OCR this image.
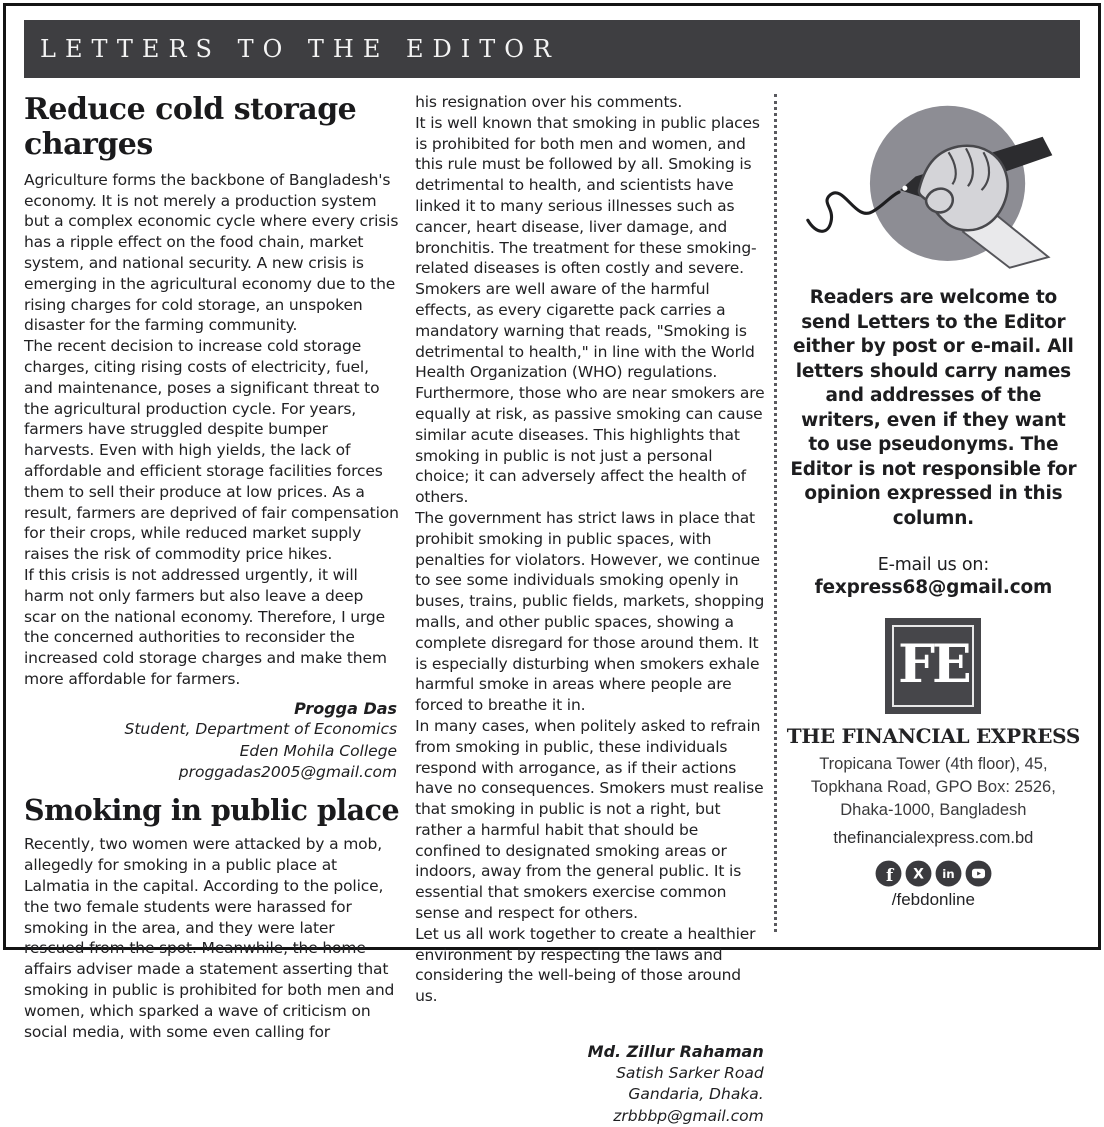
LETTERS TO THE EDITOR
Reduce cold storage charges

Agriculture forms the backbone of Bangladesh's economy. It is not merely a production system but a complex economic cycle where every crisis has a ripple effect on the food chain, market system, and national security. A new crisis is emerging in the agricultural economy due to the rising charges for cold storage, an unspoken disaster for the farming community.

The recent decision to increase cold storage charges, citing rising costs of electricity, fuel, and maintenance, poses a significant threat to the agricultural production cycle. For years, farmers have struggled despite bumper harvests. Even with high yields, the lack of affordable and efficient storage facilities forces them to sell their produce at low prices. As a result, farmers are deprived of fair compensation for their crops, while reduced market supply raises the risk of commodity price hikes.

If this crisis is not addressed urgently, it will harm not only farmers but also leave a deep scar on the national economy. Therefore, I urge the concerned authorities to reconsider the increased cold storage charges and make them more affordable for farmers.

Progga Das
Student, Department of Economics
Eden Mohila College
proggadas2005@gmail.com
Smoking in public place

Recently, two women were attacked by a mob, allegedly for smoking in a public place at Lalmatia in the capital. According to the police, the two female students were harassed for smoking in the area, and they were later rescued from the spot. Meanwhile, the home affairs adviser made a statement asserting that smoking in public is prohibited for both men and women, which sparked a wave of criticism on social media, with some even calling for

his resignation over his comments.

It is well known that smoking in public places is prohibited for both men and women, and this rule must be followed by all. Smoking is detrimental to health, and scientists have linked it to many serious illnesses such as cancer, heart disease, liver damage, and bronchitis. The treatment for these smoking-related diseases is often costly and severe. Smokers are well aware of the harmful effects, as every cigarette pack carries a mandatory warning that reads, "Smoking is detrimental to health," in line with the World Health Organization (WHO) regulations.

Furthermore, those who are near smokers are equally at risk, as passive smoking can cause similar acute diseases. This highlights that smoking in public is not just a personal choice; it can adversely affect the health of others.

The government has strict laws in place that prohibit smoking in public spaces, with penalties for violators. However, we continue to see some individuals smoking openly in buses, trains, public fields, markets, shopping malls, and other public spaces, showing a complete disregard for those around them. It is especially disturbing when smokers exhale harmful smoke in areas where people are forced to breathe it in.

In many cases, when politely asked to refrain from smoking in public, these individuals respond with arrogance, as if their actions have no consequences. Smokers must realise that smoking in public is not a right, but rather a harmful habit that should be confined to designated smoking areas or indoors, away from the general public. It is essential that smokers exercise common sense and respect for others.

Let us all work together to create a healthier environment by respecting the laws and considering the well-being of those around us.

Md. Zillur Rahaman
Satish Sarker Road
Gandaria, Dhaka.
zrbbbp@gmail.com
Readers are welcome to send Letters to the Editor either by post or e-mail. All letters should carry names and addresses of the writers, even if they want to use pseudonyms. The Editor is not responsible for opinion expressed in this column.
E-mail us on:
fexpress68@gmail.com
FE
THE FINANCIAL EXPRESS
Tropicana Tower (4th floor), 45,
Topkhana Road, GPO Box: 2526,
Dhaka-1000, Bangladesh
thefinancialexpress.com.bd
f X in
/febdonline
